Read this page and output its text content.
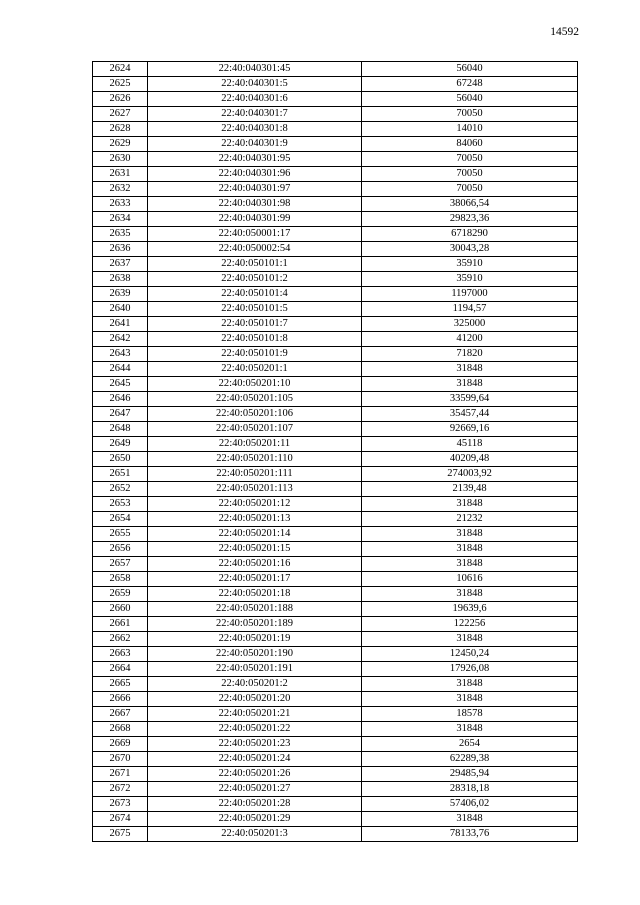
14592
2624	22:40:040301:45	56040
2625	22:40:040301:5	67248
2626	22:40:040301:6	56040
2627	22:40:040301:7	70050
2628	22:40:040301:8	14010
2629	22:40:040301:9	84060
2630	22:40:040301:95	70050
2631	22:40:040301:96	70050
2632	22:40:040301:97	70050
2633	22:40:040301:98	38066,54
2634	22:40:040301:99	29823,36
2635	22:40:050001:17	6718290
2636	22:40:050002:54	30043,28
2637	22:40:050101:1	35910
2638	22:40:050101:2	35910
2639	22:40:050101:4	1197000
2640	22:40:050101:5	1194,57
2641	22:40:050101:7	325000
2642	22:40:050101:8	41200
2643	22:40:050101:9	71820
2644	22:40:050201:1	31848
2645	22:40:050201:10	31848
2646	22:40:050201:105	33599,64
2647	22:40:050201:106	35457,44
2648	22:40:050201:107	92669,16
2649	22:40:050201:11	45118
2650	22:40:050201:110	40209,48
2651	22:40:050201:111	274003,92
2652	22:40:050201:113	2139,48
2653	22:40:050201:12	31848
2654	22:40:050201:13	21232
2655	22:40:050201:14	31848
2656	22:40:050201:15	31848
2657	22:40:050201:16	31848
2658	22:40:050201:17	10616
2659	22:40:050201:18	31848
2660	22:40:050201:188	19639,6
2661	22:40:050201:189	122256
2662	22:40:050201:19	31848
2663	22:40:050201:190	12450,24
2664	22:40:050201:191	17926,08
2665	22:40:050201:2	31848
2666	22:40:050201:20	31848
2667	22:40:050201:21	18578
2668	22:40:050201:22	31848
2669	22:40:050201:23	2654
2670	22:40:050201:24	62289,38
2671	22:40:050201:26	29485,94
2672	22:40:050201:27	28318,18
2673	22:40:050201:28	57406,02
2674	22:40:050201:29	31848
2675	22:40:050201:3	78133,76
